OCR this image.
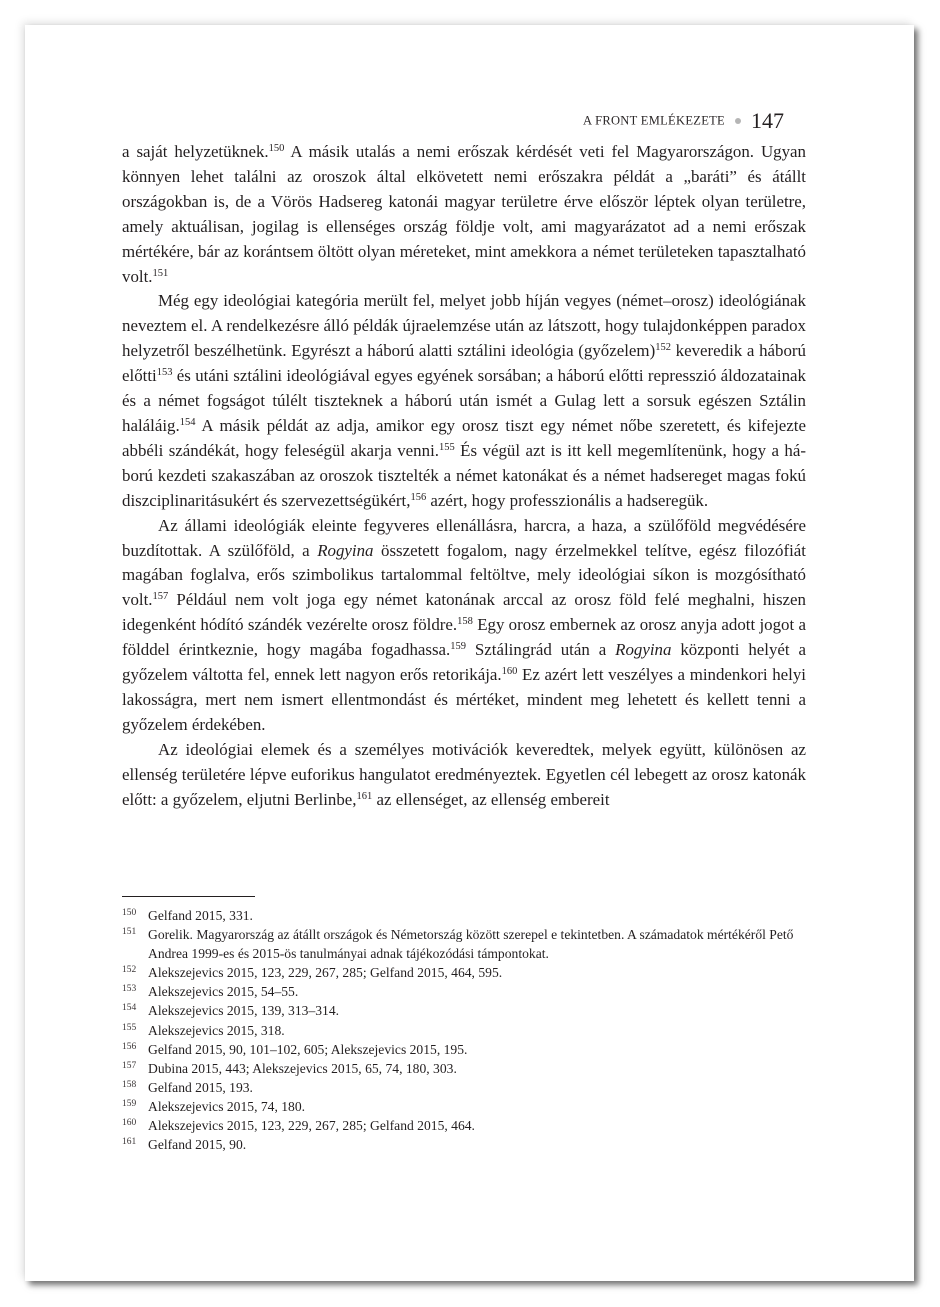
A FRONT EMLÉKEZETE 147

a saját helyzetüknek.$^{150}$ A másik utalás a nemi erőszak kérdését veti fel Magyarországon. Ugyan könnyen lehet találni az oroszok által elkövetett nemi erőszakra példát a „baráti” és átállt országokban is, de a Vörös Hadsereg katonái magyar területre érve először léptek olyan területre, amely aktuálisan, jogilag is ellenséges ország földje volt, ami magyarázatot ad a nemi erőszak mértékére, bár az korántsem öltött olyan méreteket, mint amekkora a német területeken tapasztalható volt.$^{151}$

Még egy ideológiai kategória merült fel, melyet jobb híján vegyes (német–orosz) ideológiának neveztem el. A rendelkezésre álló példák újraelemzése után az látszott, hogy tulajdonképpen paradox helyzetről beszélhetünk. Egyrészt a háború alatti sztálini ideológia (győzelem)$^{152}$ keveredik a háború előtti$^{153}$ és utáni sztálini ideológiával egyes egyének sorsában; a háború előtti represszió áldozatainak és a német fogságot túlélt tiszteknek a háború után ismét a Gulag lett a sorsuk egészen Sztálin haláláig.$^{154}$ A másik példát az adja, amikor egy orosz tiszt egy német nőbe szeretett, és kifejezte abbéli szándékát, hogy feleségül akarja venni.$^{155}$ És végül azt is itt kell megemlítenünk, hogy a háború kezdeti szakaszában az oroszok tisztelték a német katonákat és a német hadsereget magas fokú diszciplinaritásukért és szervezettségükért,$^{156}$ azért, hogy professzionális a hadseregük.

Az állami ideológiák eleinte fegyveres ellenállásra, harcra, a haza, a szülőföld megvédésére buzdítottak. A szülőföld, a Rogyina összetett fogalom, nagy érzelmekkel telítve, egész filozófiát magában foglalva, erős szimbolikus tartalommal feltöltve, mely ideológiai síkon is mozgósítható volt.$^{157}$ Például nem volt joga egy német katonának arccal az orosz föld felé meghalni, hiszen idegenként hódító szándék vezérelte orosz földre.$^{158}$ Egy orosz embernek az orosz anyja adott jogot a földdel érintkeznie, hogy magába fogadhassa.$^{159}$ Sztálingrád után a Rogyina központi helyét a győzelem váltotta fel, ennek lett nagyon erős retorikája.$^{160}$ Ez azért lett veszélyes a mindenkori helyi lakosságra, mert nem ismert ellentmondást és mértéket, mindent meg lehetett és kellett tenni a győzelem érdekében.

Az ideológiai elemek és a személyes motivációk keveredtek, melyek együtt, különösen az ellenség területére lépve euforikus hangulatot eredményeztek. Egyetlen cél lebegett az orosz katonák előtt: a győzelem, eljutni Berlinbe,$^{161}$ az ellenséget, az ellenség embereit

150 Gelfand 2015, 331.
151 Gorelik. Magyarország az átállt országok és Németország között szerepel e tekintetben. A számadatok mértékéről Pető Andrea 1999-es és 2015-ös tanulmányai adnak tájékozódási támpontokat.
152 Alekszejevics 2015, 123, 229, 267, 285; Gelfand 2015, 464, 595.
153 Alekszejevics 2015, 54–55.
154 Alekszejevics 2015, 139, 313–314.
155 Alekszejevics 2015, 318.
156 Gelfand 2015, 90, 101–102, 605; Alekszejevics 2015, 195.
157 Dubina 2015, 443; Alekszejevics 2015, 65, 74, 180, 303.
158 Gelfand 2015, 193.
159 Alekszejevics 2015, 74, 180.
160 Alekszejevics 2015, 123, 229, 267, 285; Gelfand 2015, 464.
161 Gelfand 2015, 90.
